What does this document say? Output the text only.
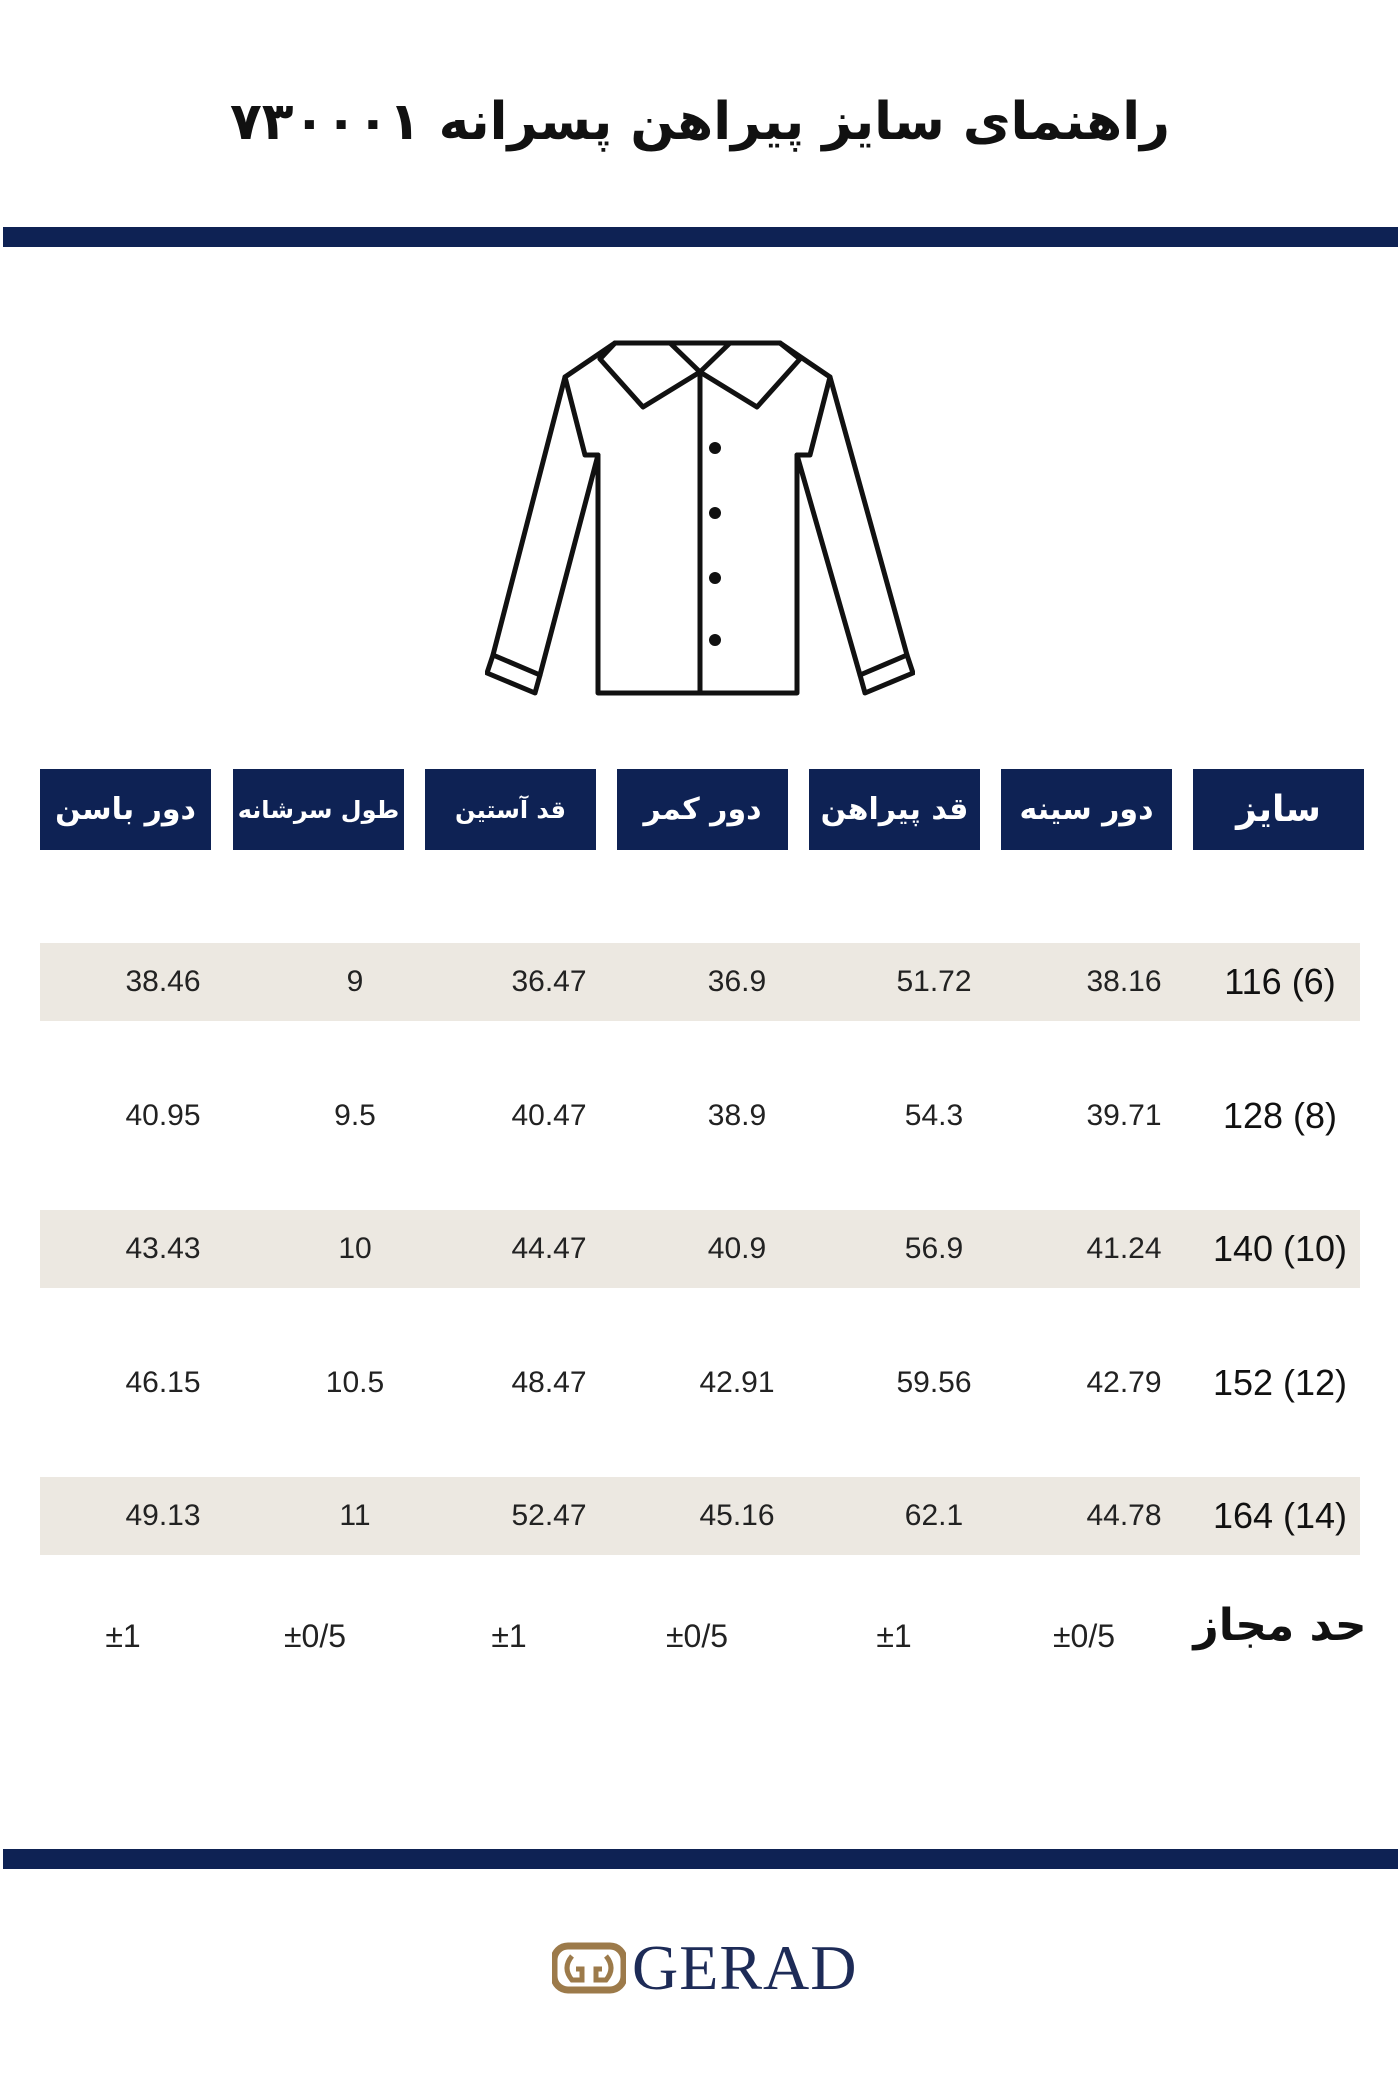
راهنمای سایز پیراهن پسرانه ۷۳۰۰۰۱
سایز
دور سینه
قد پیراهن
دور کمر
قد آستین
طول سرشانه
دور باسن
116 (6)
38.16
51.72
36.9
36.47
9
38.46
128 (8)
39.71
54.3
38.9
40.47
9.5
40.95
140 (10)
41.24
56.9
40.9
44.47
10
43.43
152 (12)
42.79
59.56
42.91
48.47
10.5
46.15
164 (14)
44.78
62.1
45.16
52.47
11
49.13
حد مجاز
±0/5
±1
±0/5
±1
±0/5
±1
GERAD
